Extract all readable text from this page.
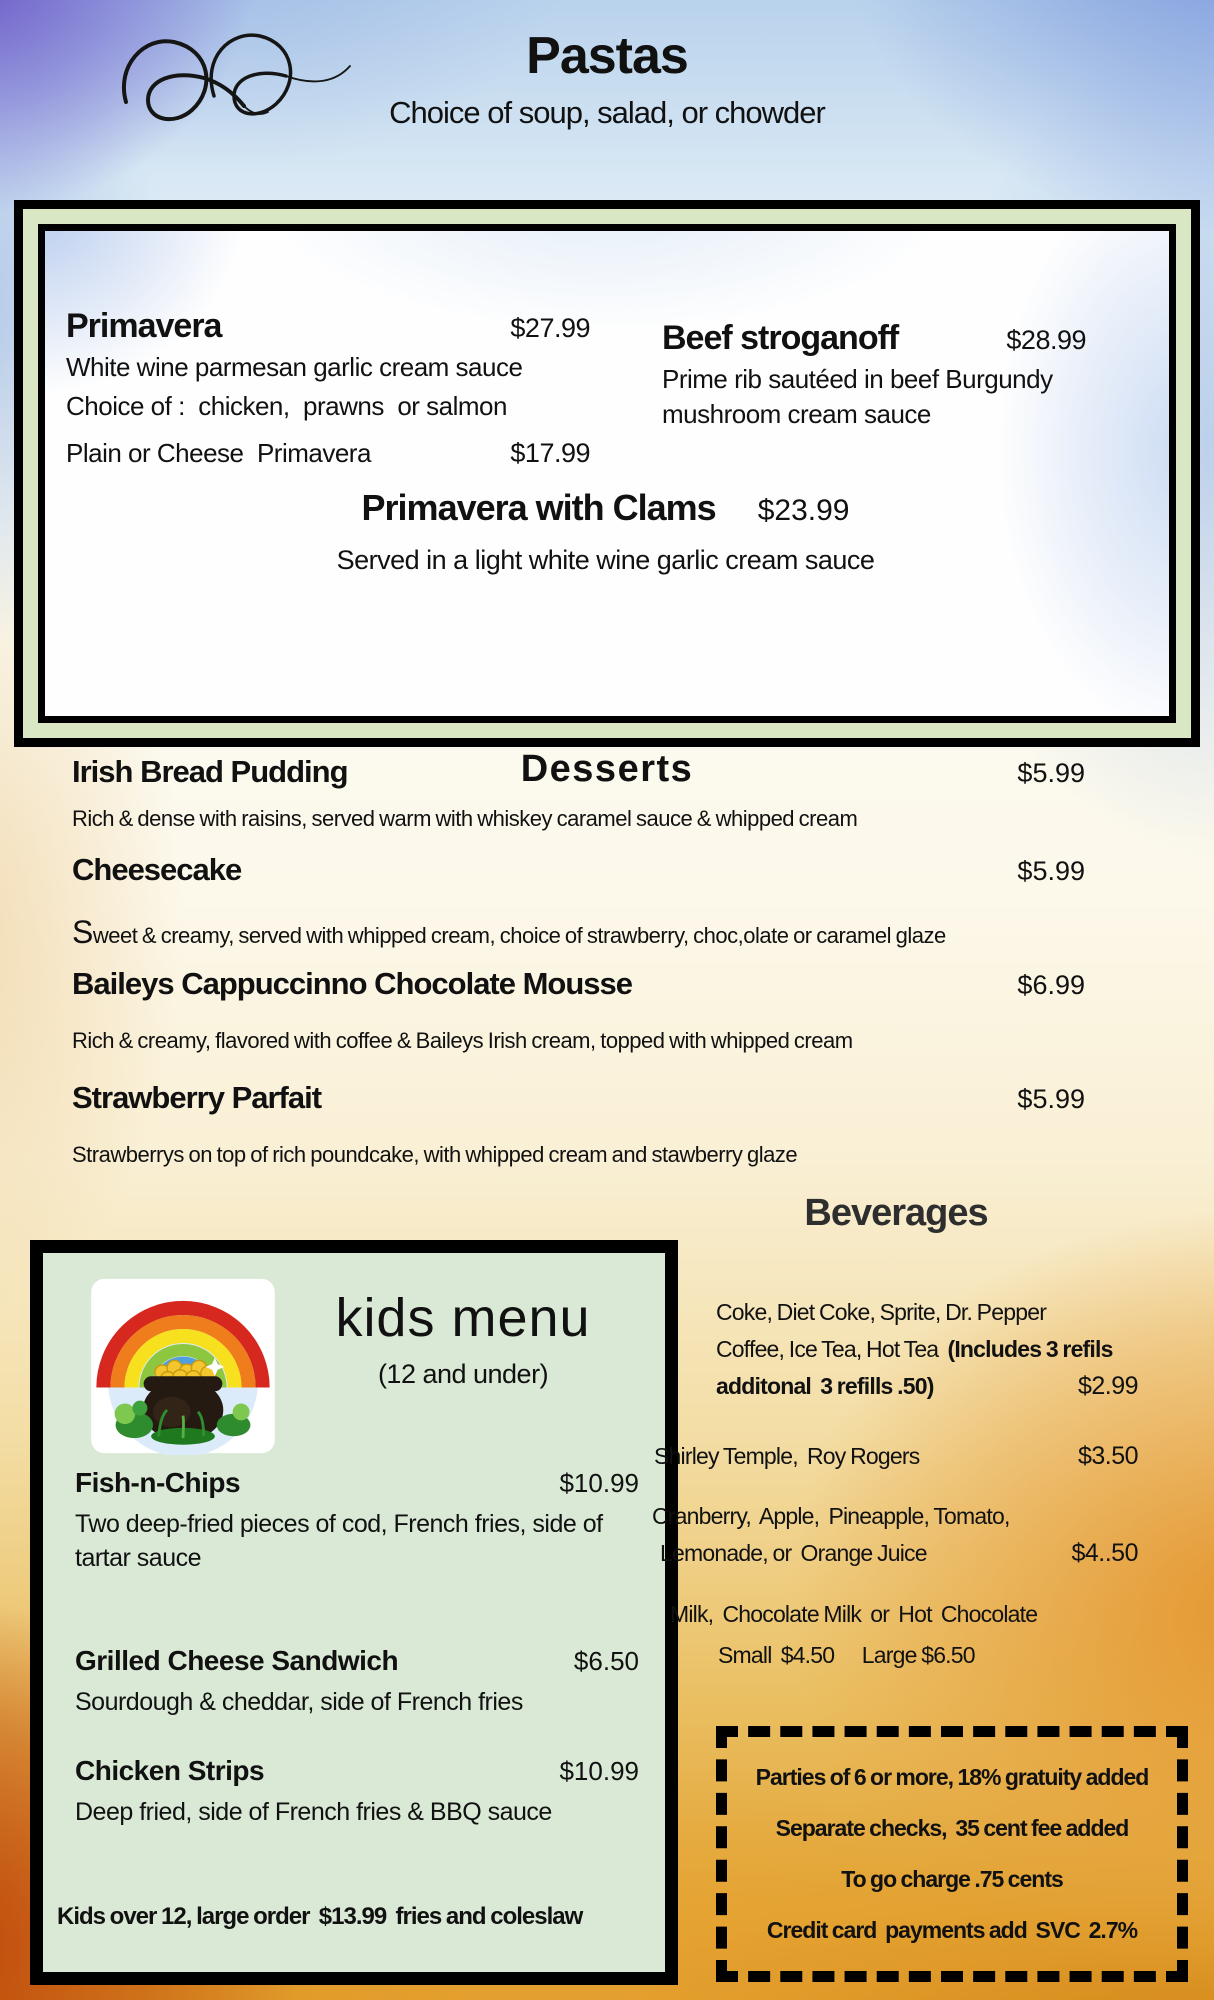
Pastas
Choice of soup, salad, or chowder
Primavera	$27.99
White wine parmesan garlic cream sauce
Choice of :  chicken,  prawns  or salmon
Plain or Cheese  Primavera	$17.99
Beef stroganoff	$28.99
Prime rib sautéed in beef Burgundy mushroom cream sauce
Primavera with Clams $23.99
Served in a light white wine garlic cream sauce
Desserts
Irish Bread Pudding	$5.99
Rich & dense with raisins, served warm with whiskey caramel sauce & whipped cream
Cheesecake	$5.99
Sweet & creamy, served with whipped cream, choice of strawberry, choc,olate or caramel glaze
Baileys Cappuccinno Chocolate Mousse	$6.99
Rich & creamy, flavored with coffee & Baileys Irish cream, topped with whipped cream
Strawberry Parfait	$5.99
Strawberrys on top of rich poundcake, with whipped cream and stawberry glaze
kids menu
(12 and under)
Fish-n-Chips	$10.99
Two deep-fried pieces of cod, French fries, side of tartar sauce
Grilled Cheese Sandwich	$6.50
Sourdough & cheddar, side of French fries
Chicken Strips	$10.99
Deep fried, side of French fries & BBQ sauce
Kids over 12, large order  $13.99  fries and coleslaw
Beverages
Coke, Diet Coke, Sprite, Dr. Pepper
Coffee, Ice Tea, Hot Tea  (Includes 3 refils
additonal  3 refills .50)	$2.99
Shirley Temple,  Roy Rogers	$3.50
Cranberry,  Apple,  Pineapple, Tomato,
Lemonade, or  Orange Juice	$4..50
Milk,  Chocolate Milk  or  Hot  Chocolate
Small  $4.50      Large $6.50
Parties of 6 or more, 18% gratuity added
Separate checks,  35 cent fee added
To go charge .75 cents
Credit card  payments add  SVC  2.7%
